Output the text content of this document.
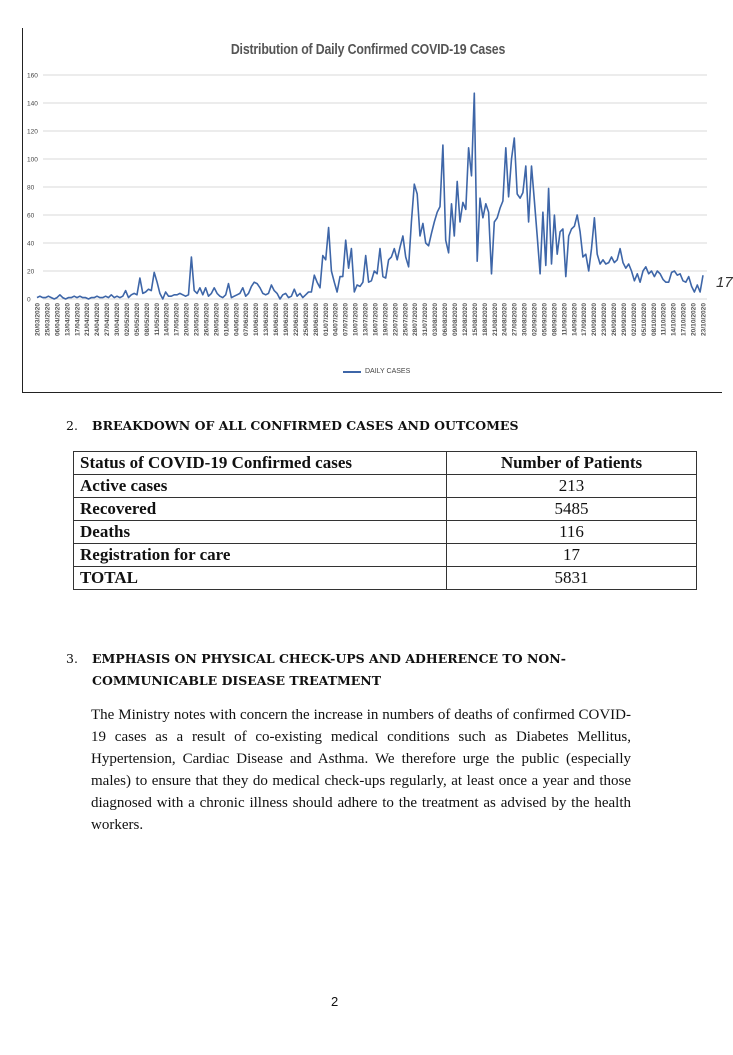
Distribution of Daily Confirmed COVID-19 Cases
0
20
40
60
80
100
120
140
160
20/03/2020 25/03/2020 06/04/2020 13/04/2020 17/04/2020 21/04/2020 24/04/2020 27/04/2020 30/04/2020 02/05/2020 05/05/2020 08/05/2020 11/05/2020 14/05/2020 17/05/2020 20/05/2020 23/05/2020 26/05/2020 29/05/2020 01/06/2020 04/06/2020 07/06/2020 10/06/2020 13/06/2020 16/06/2020 19/06/2020 22/06/2020 25/06/2020 28/06/2020 01/07/2020 04/07/2020 07/07/2020 10/07/2020 13/07/2020 16/07/2020 19/07/2020 22/07/2020 25/07/2020 28/07/2020 31/07/2020 03/08/2020 06/08/2020 09/08/2020 12/08/2020 15/08/2020 18/08/2020 21/08/2020 24/08/2020 27/08/2020 30/08/2020 02/09/2020 05/09/2020 08/09/2020 11/09/2020 14/09/2020 17/09/2020 20/09/2020 23/09/2020 26/09/2020 29/09/2020 02/10/2020 05/10/2020 08/10/2020 11/10/2020 14/10/2020 17/10/2020 20/10/2020 23/10/2020
17
DAILY CASES
2. BREAKDOWN OF ALL CONFIRMED CASES AND OUTCOMES
Status of COVID-19 Confirmed cases	Number of Patients
Active cases	213
Recovered	5485
Deaths	116
Registration for care	17
TOTAL	5831
3. EMPHASIS ON PHYSICAL CHECK-UPS AND ADHERENCE TO NON-
COMMUNICABLE DISEASE TREATMENT
The Ministry notes with concern the increase in numbers of deaths of confirmed COVID-19 cases as a result of co-existing medical conditions such as Diabetes Mellitus, Hypertension, Cardiac Disease and Asthma. We therefore urge the public (especially males) to ensure that they do medical check-ups regularly, at least once a year and those diagnosed with a chronic illness should adhere to the treatment as advised by the health workers.
2
